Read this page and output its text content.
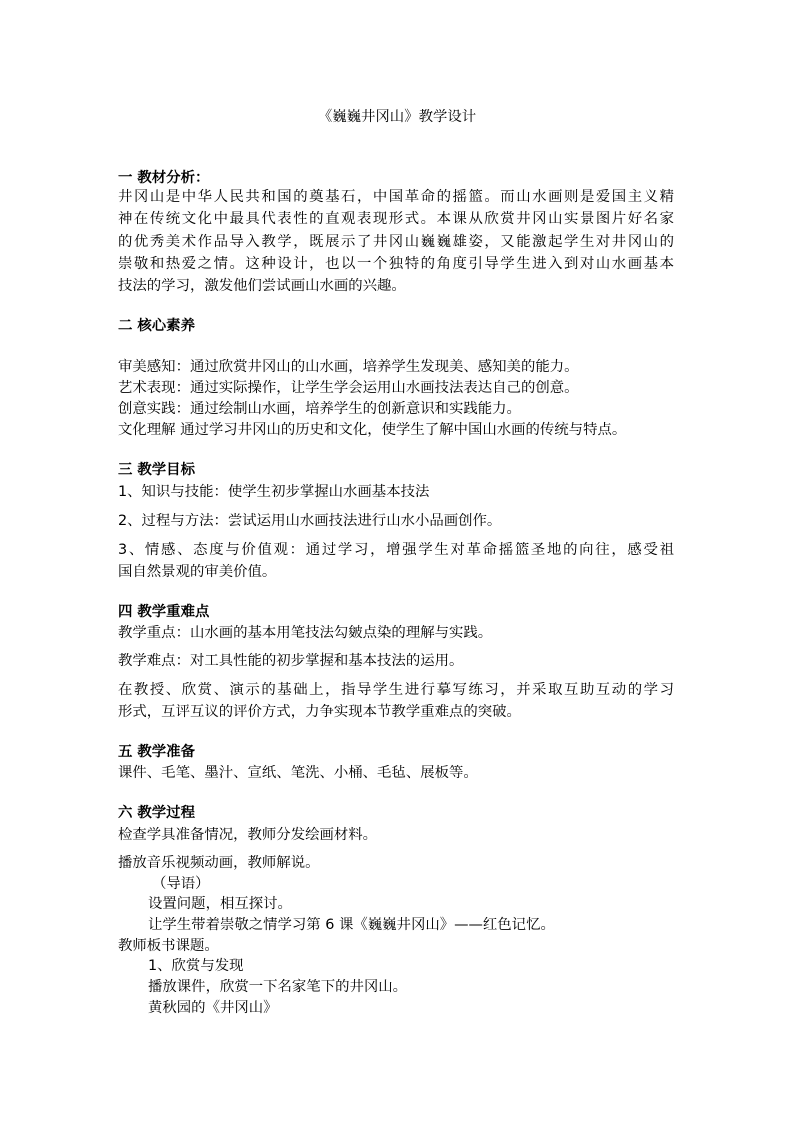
《巍巍井冈山》教学设计
一 教材分析：
井冈山是中华人民共和国的奠基石，中国革命的摇篮。而山水画则是爱国主义精
神在传统文化中最具代表性的直观表现形式。本课从欣赏井冈山实景图片好名家
的优秀美术作品导入教学，既展示了井冈山巍巍雄姿，又能激起学生对井冈山的
崇敬和热爱之情。这种设计，也以一个独特的角度引导学生进入到对山水画基本
技法的学习，激发他们尝试画山水画的兴趣。
二 核心素养
审美感知：通过欣赏井冈山的山水画，培养学生发现美、感知美的能力。
艺术表现：通过实际操作，让学生学会运用山水画技法表达自己的创意。
创意实践：通过绘制山水画，培养学生的创新意识和实践能力。
文化理解 通过学习井冈山的历史和文化，使学生了解中国山水画的传统与特点。
三 教学目标
1、知识与技能：使学生初步掌握山水画基本技法
2、过程与方法：尝试运用山水画技法进行山水小品画创作。
3、情感、态度与价值观：通过学习，增强学生对革命摇篮圣地的向往，感受祖
国自然景观的审美价值。
四 教学重难点
教学重点：山水画的基本用笔技法勾皴点染的理解与实践。
教学难点：对工具性能的初步掌握和基本技法的运用。
在教授、欣赏、演示的基础上，指导学生进行摹写练习，并采取互助互动的学习
形式，互评互议的评价方式，力争实现本节教学重难点的突破。
五 教学准备
课件、毛笔、墨汁、宣纸、笔洗、小桶、毛毡、展板等。
六 教学过程
检查学具准备情况，教师分发绘画材料。
播放音乐视频动画，教师解说。
（导语）
设置问题，相互探讨。
让学生带着崇敬之情学习第 6 课《巍巍井冈山》——红色记忆。
教师板书课题。
1、欣赏与发现
播放课件，欣赏一下名家笔下的井冈山。
黄秋园的《井冈山》
